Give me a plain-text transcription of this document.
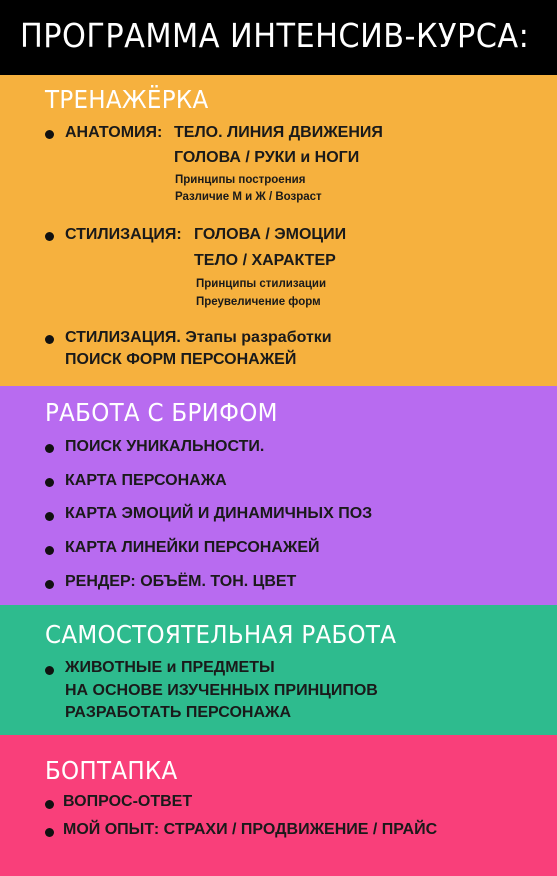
ПРОГРАММА ИНТЕНСИВ-КУРСА:
ТРЕНАЖЁРКА
АНАТОМИЯ: ТЕЛО. ЛИНИЯ ДВИЖЕНИЯ
ГОЛОВА / РУКИ и НОГИ
Принципы построения
Различие М и Ж / Возраст
СТИЛИЗАЦИЯ: ГОЛОВА / ЭМОЦИИ
ТЕЛО / ХАРАКТЕР
Принципы стилизации
Преувеличение форм
СТИЛИЗАЦИЯ. Этапы разработки
ПОИСК ФОРМ ПЕРСОНАЖЕЙ
РАБОТА С БРИФОМ
ПОИСК УНИКАЛЬНОСТИ.
КАРТА ПЕРСОНАЖА
КАРТА ЭМОЦИЙ И ДИНАМИЧНЫХ ПОЗ
КАРТА ЛИНЕЙКИ ПЕРСОНАЖЕЙ
РЕНДЕР: ОБЪЁМ. ТОН. ЦВЕТ
САМОСТОЯТЕЛЬНАЯ РАБОТА
ЖИВОТНЫЕ и ПРЕДМЕТЫ
НА ОСНОВЕ ИЗУЧЕННЫХ ПРИНЦИПОВ
РАЗРАБОТАТЬ ПЕРСОНАЖА
БОПТАПКА
ВОПРОС-ОТВЕТ
МОЙ ОПЫТ: СТРАХИ / ПРОДВИЖЕНИЕ / ПРАЙС
